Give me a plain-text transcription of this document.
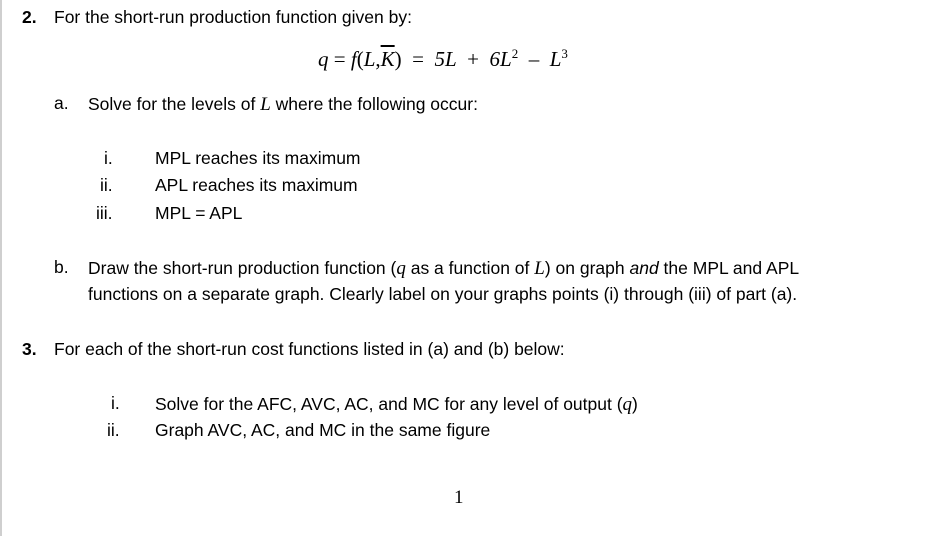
2. For the short-run production function given by:
$q = f(L,\overline{K}) = 5L + 6L^2 - L^3$
a. Solve for the levels of L where the following occur:
i. MPL reaches its maximum
ii. APL reaches its maximum
iii. MPL = APL
b. Draw the short-run production function (q as a function of L) on graph and the MPL and APL
functions on a separate graph. Clearly label on your graphs points (i) through (iii) of part (a).
3. For each of the short-run cost functions listed in (a) and (b) below:
i. Solve for the AFC, AVC, AC, and MC for any level of output (q)
ii. Graph AVC, AC, and MC in the same figure
1
